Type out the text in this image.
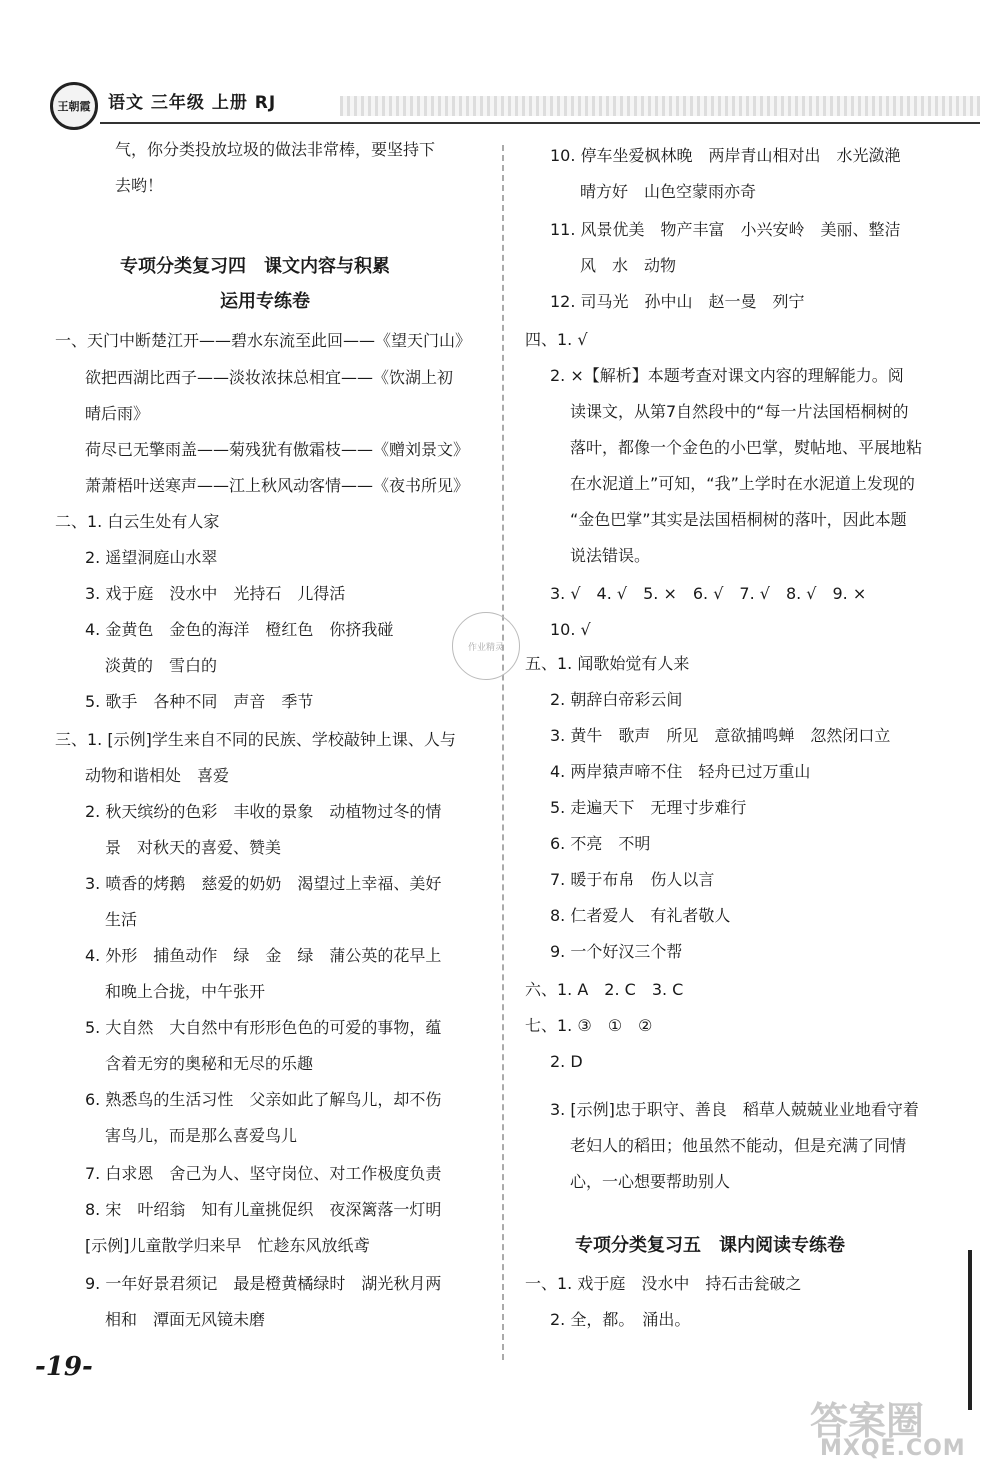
王朝霞	语文 三年级 上册 RJ
气，你分类投放垃圾的做法非常棒，要坚持下
去哟！
专项分类复习四　课文内容与积累
运用专练卷
一、天门中断楚江开——碧水东流至此回——《望天门山》
欲把西湖比西子——淡妆浓抹总相宜——《饮湖上初
晴后雨》
荷尽已无擎雨盖——菊残犹有傲霜枝——《赠刘景文》
萧萧梧叶送寒声——江上秋风动客情——《夜书所见》
二、1. 白云生处有人家
2. 遥望洞庭山水翠
3. 戏于庭　没水中　光持石　儿得活
4. 金黄色　金色的海洋　橙红色　你挤我碰
淡黄的　雪白的
5. 歌手　各种不同　声音　季节
三、1. [示例]学生来自不同的民族、学校敲钟上课、人与
动物和谐相处　喜爱
2. 秋天缤纷的色彩　丰收的景象　动植物过冬的情
景　对秋天的喜爱、赞美
3. 喷香的烤鹅　慈爱的奶奶　渴望过上幸福、美好
生活
4. 外形　捕鱼动作　绿　金　绿　蒲公英的花早上
和晚上合拢，中午张开
5. 大自然　大自然中有形形色色的可爱的事物，蕴
含着无穷的奥秘和无尽的乐趣
6. 熟悉鸟的生活习性　父亲如此了解鸟儿，却不伤
害鸟儿，而是那么喜爱鸟儿
7. 白求恩　舍己为人、坚守岗位、对工作极度负责
8. 宋　叶绍翁　知有儿童挑促织　夜深篱落一灯明
[示例]儿童散学归来早　忙趁东风放纸鸢
9. 一年好景君须记　最是橙黄橘绿时　湖光秋月两
相和　潭面无风镜未磨
10. 停车坐爱枫林晚　两岸青山相对出　水光潋滟
晴方好　山色空蒙雨亦奇
11. 风景优美　物产丰富　小兴安岭　美丽、整洁
风　水　动物
12. 司马光　孙中山　赵一曼　列宁
四、1. √
2. ×【解析】本题考查对课文内容的理解能力。阅
读课文，从第7自然段中的“每一片法国梧桐树的
落叶，都像一个金色的小巴掌，熨帖地、平展地粘
在水泥道上”可知，“我”上学时在水泥道上发现的
“金色巴掌”其实是法国梧桐树的落叶，因此本题
说法错误。
3. √　4. √　5. ×　6. √　7. √　8. √　9. ×
10. √
五、1. 闻歌始觉有人来
2. 朝辞白帝彩云间
3. 黄牛　歌声　所见　意欲捕鸣蝉　忽然闭口立
4. 两岸猿声啼不住　轻舟已过万重山
5. 走遍天下　无理寸步难行
6. 不亮　不明
7. 暖于布帛　伤人以言
8. 仁者爱人　有礼者敬人
9. 一个好汉三个帮
六、1. A　2. C　3. C
七、1. ③　①　②
2. D
3. [示例]忠于职守、善良　稻草人兢兢业业地看守着
老妇人的稻田；他虽然不能动，但是充满了同情
心，一心想要帮助别人
专项分类复习五　课内阅读专练卷
一、1. 戏于庭　没水中　持石击瓮破之
2. 全，都。　涌出。
作业精灵
-19-
答案圈
MXQE.COM
